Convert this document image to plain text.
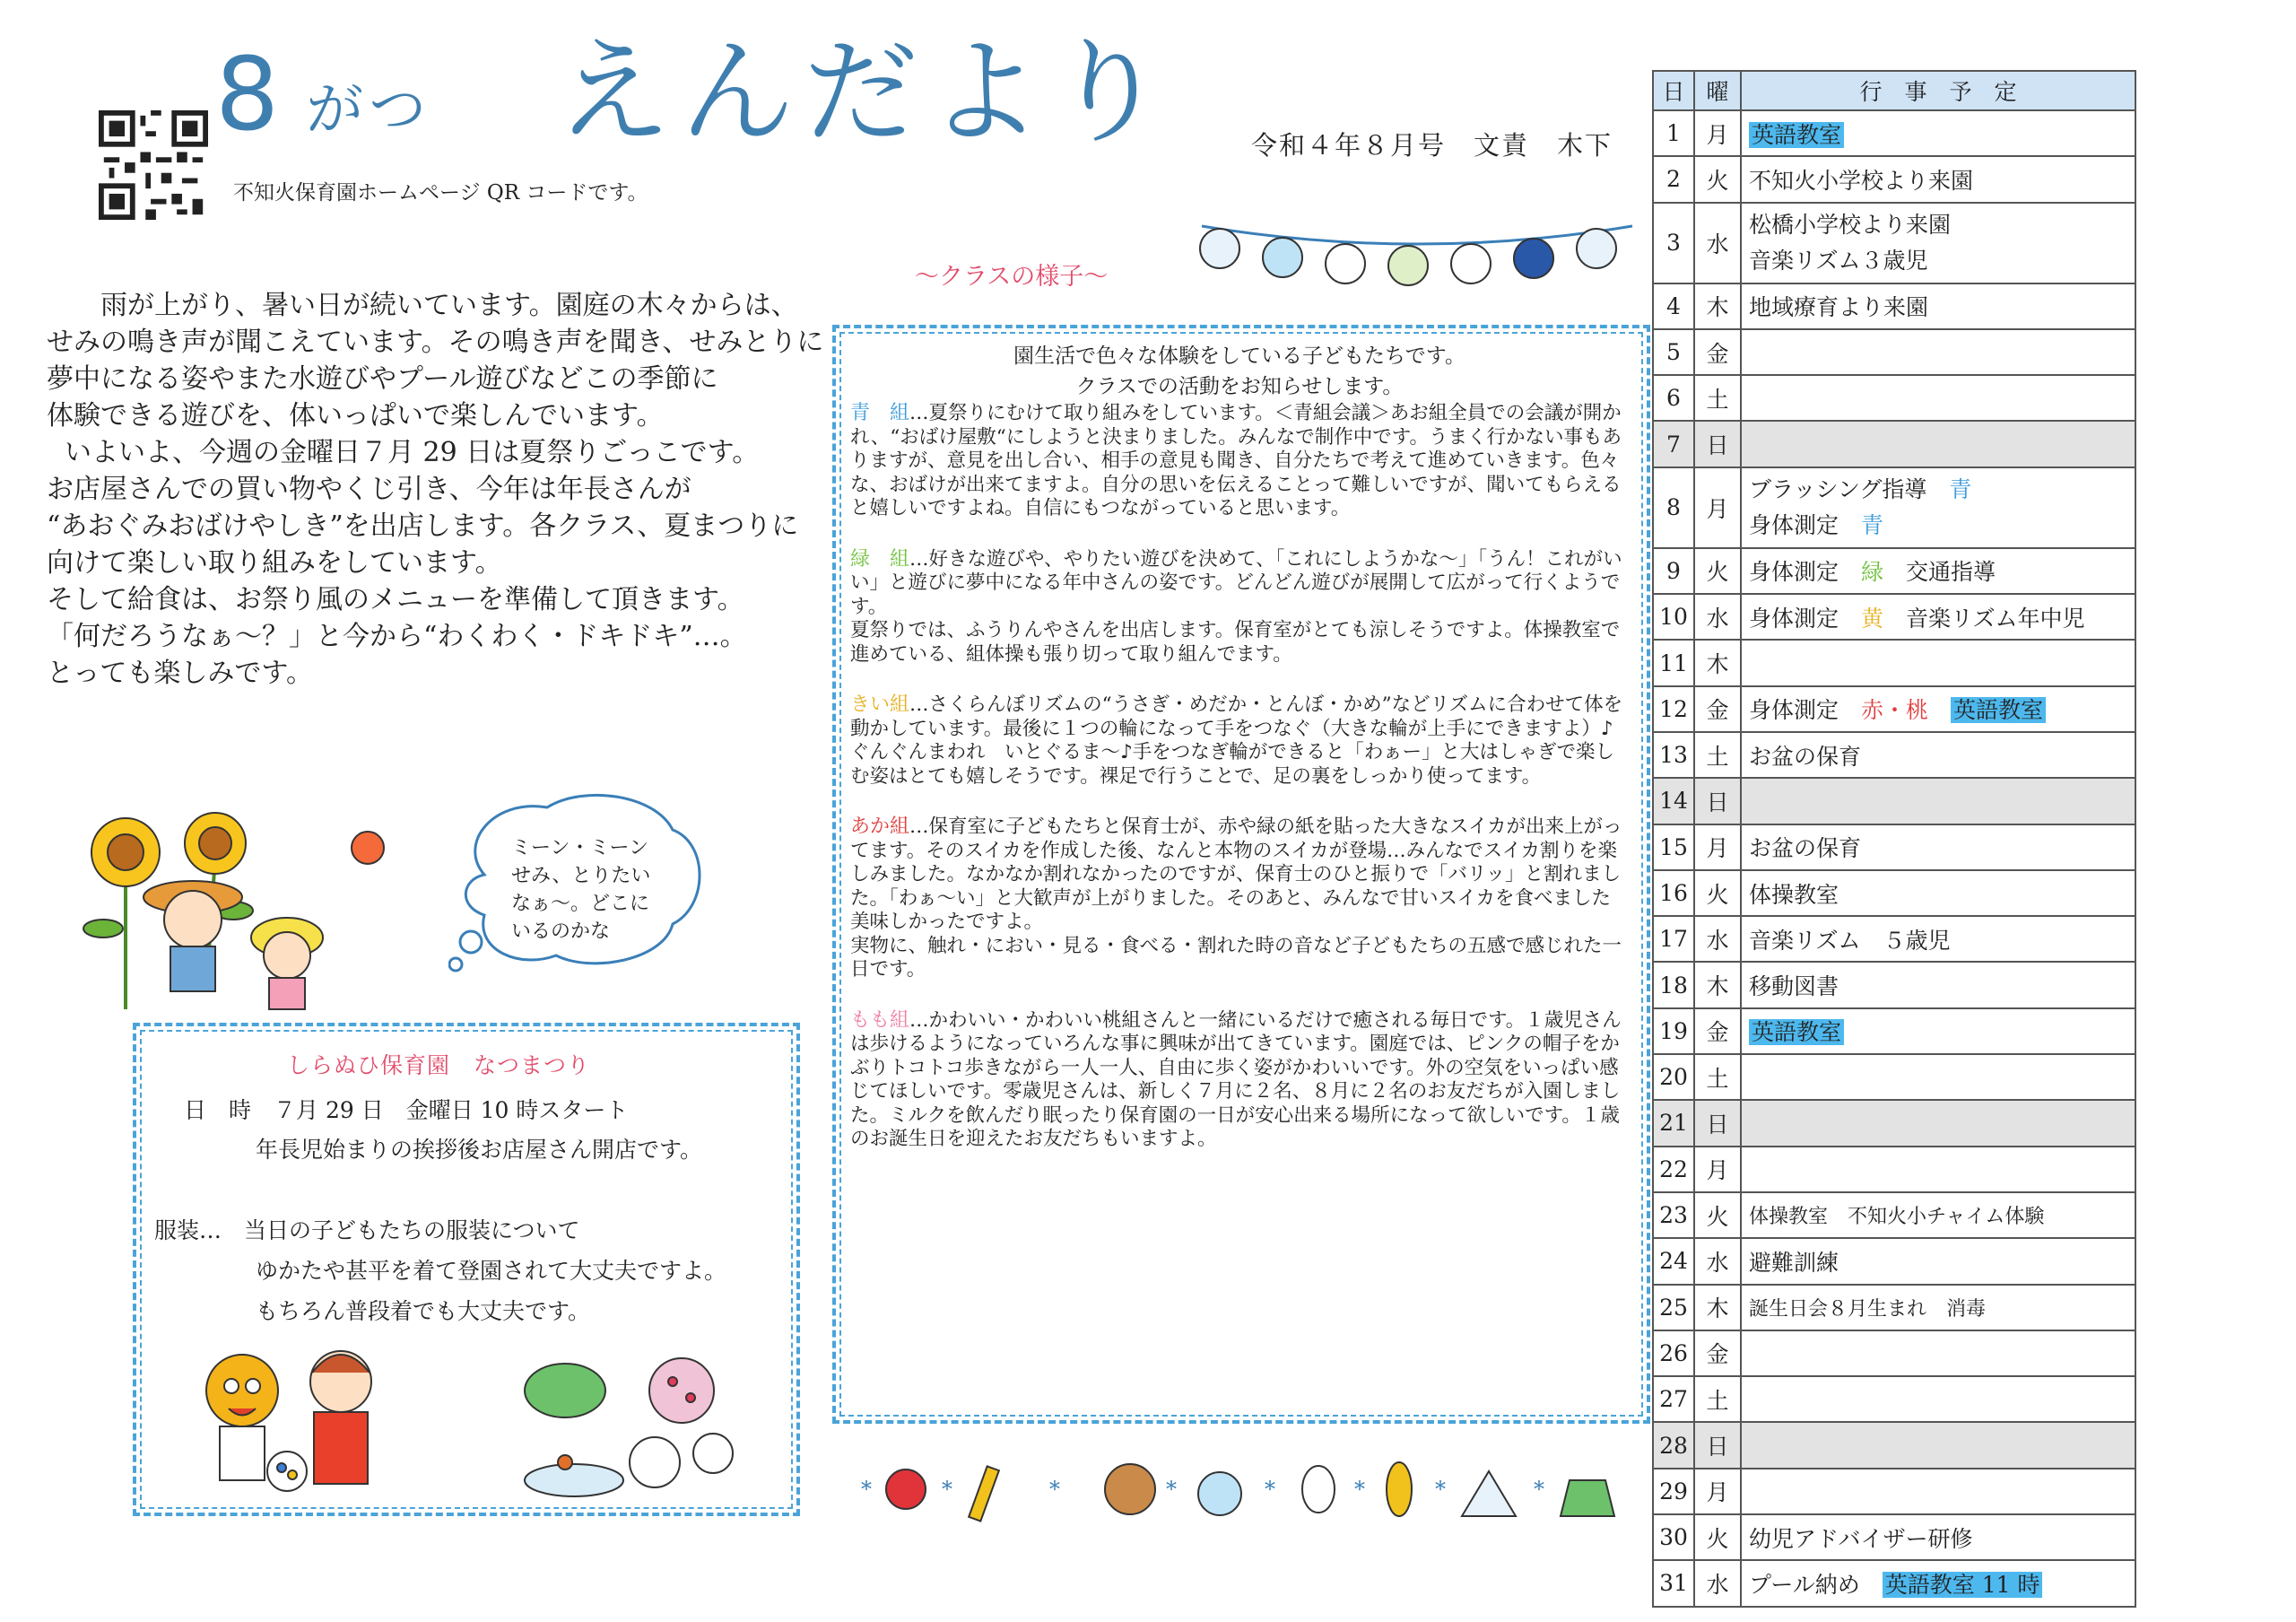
8 がつ えんだより	令和４年８月号　文責　木下
不知火保育園ホームページ QR コードです。

雨が上がり、暑い日が続いています。園庭の木々からは、

せみの鳴き声が聞こえています。その鳴き声を聞き、せみとりに

夢中になる姿やまた水遊びやプール遊びなどこの季節に

体験できる遊びを、体いっぱいで楽しんでいます。

いよいよ、今週の金曜日７月 29 日は夏祭りごっこです。

お店屋さんでの買い物やくじ引き、今年は年長さんが

“あおぐみおばけやしき”を出店します。各クラス、夏まつりに

向けて楽しい取り組みをしています。

そして給食は、お祭り風のメニューを準備して頂きます。

「何だろうなぁ～？」と今から“わくわく・ドキドキ”…。

とっても楽しみです。

ミーン・ミーン
せみ、とりたい
なぁ～。どこに
いるのかな
しらぬひ保育園　なつまつり
日　時　７月 29 日　金曜日 10 時スタート
年長児始まりの挨拶後お店屋さん開店です。
服装…　当日の子どもたちの服装について
ゆかたや甚平を着て登園されて大丈夫ですよ。
もちろん普段着でも大丈夫です。
～クラスの様子～

園生活で色々な体験をしている子どもたちです。

クラスでの活動をお知らせします。

青　組…夏祭りにむけて取り組みをしています。＜青組会議＞あお組全員での会議が開かれ、“おばけ屋敷“にしようと決まりました。みんなで制作中です。うまく行かない事もありますが、意見を出し合い、相手の意見も聞き、自分たちで考えて進めていきます。色々な、おばけが出来てますよ。自分の思いを伝えることって難しいですが、聞いてもらえると嬉しいですよね。自信にもつながっていると思います。

緑　組…好きな遊びや、やりたい遊びを決めて、「これにしようかな～」「うん！これがいい」と遊びに夢中になる年中さんの姿です。どんどん遊びが展開して広がって行くようです。

夏祭りでは、ふうりんやさんを出店します。保育室がとても涼しそうですよ。体操教室で進めている、組体操も張り切って取り組んでます。

きい組…さくらんぼリズムの“うさぎ・めだか・とんぼ・かめ”などリズムに合わせて体を動かしています。最後に１つの輪になって手をつなぐ（大きな輪が上手にできますよ）♪ぐんぐんまわれ　いとぐるま～♪手をつなぎ輪ができると「わぁー」と大はしゃぎで楽しむ姿はとても嬉しそうです。裸足で行うことで、足の裏をしっかり使ってます。

あか組…保育室に子どもたちと保育士が、赤や緑の紙を貼った大きなスイカが出来上がってます。そのスイカを作成した後、なんと本物のスイカが登場…みんなでスイカ割りを楽しみました。なかなか割れなかったのですが、保育士のひと振りで「バリッ」と割れました。「わぁ～い」と大歓声が上がりました。そのあと、みんなで甘いスイカを食べました美味しかったですよ。

実物に、触れ・におい・見る・食べる・割れた時の音など子どもたちの五感で感じれた一日です。

もも組…かわいい・かわいい桃組さんと一緒にいるだけで癒される毎日です。１歳児さんは歩けるようになっていろんな事に興味が出てきています。園庭では、ピンクの帽子をかぶりトコトコ歩きながら一人一人、自由に歩く姿がかわいいです。外の空気をいっぱい感じてほしいです。零歳児さんは、新しく７月に２名、８月に２名のお友だちが入園しました。ミルクを飲んだり眠ったり保育園の一日が安心出来る場所になって欲しいです。１歳のお誕生日を迎えたお友だちもいますよ。

*	*	*	*	*	*	*	*
日	曜	行　事　予　定
1	月	英語教室
2	火	不知火小学校より来園
3	水	松橋小学校より来園
音楽リズム３歳児

4	木	地域療育より来園
5	金	
6	土	
7	日	
8	月	ブラッシング指導　青
身体測定　青

9	火	身体測定　緑　交通指導
10	水	身体測定　黄　音楽リズム年中児
11	木	
12	金	身体測定　赤・桃　 英語教室
13	土	お盆の保育
14	日	
15	月	お盆の保育
16	火	体操教室
17	水	音楽リズム　５歳児
18	木	移動図書
19	金	英語教室
20	土	
21	日	
22	月	
23	火	体操教室　不知火小チャイム体験
24	水	避難訓練
25	木	誕生日会８月生まれ　消毒
26	金	
27	土	
28	日	
29	月	
30	火	幼児アドバイザー研修
31	水	プール納め　英語教室 11 時
